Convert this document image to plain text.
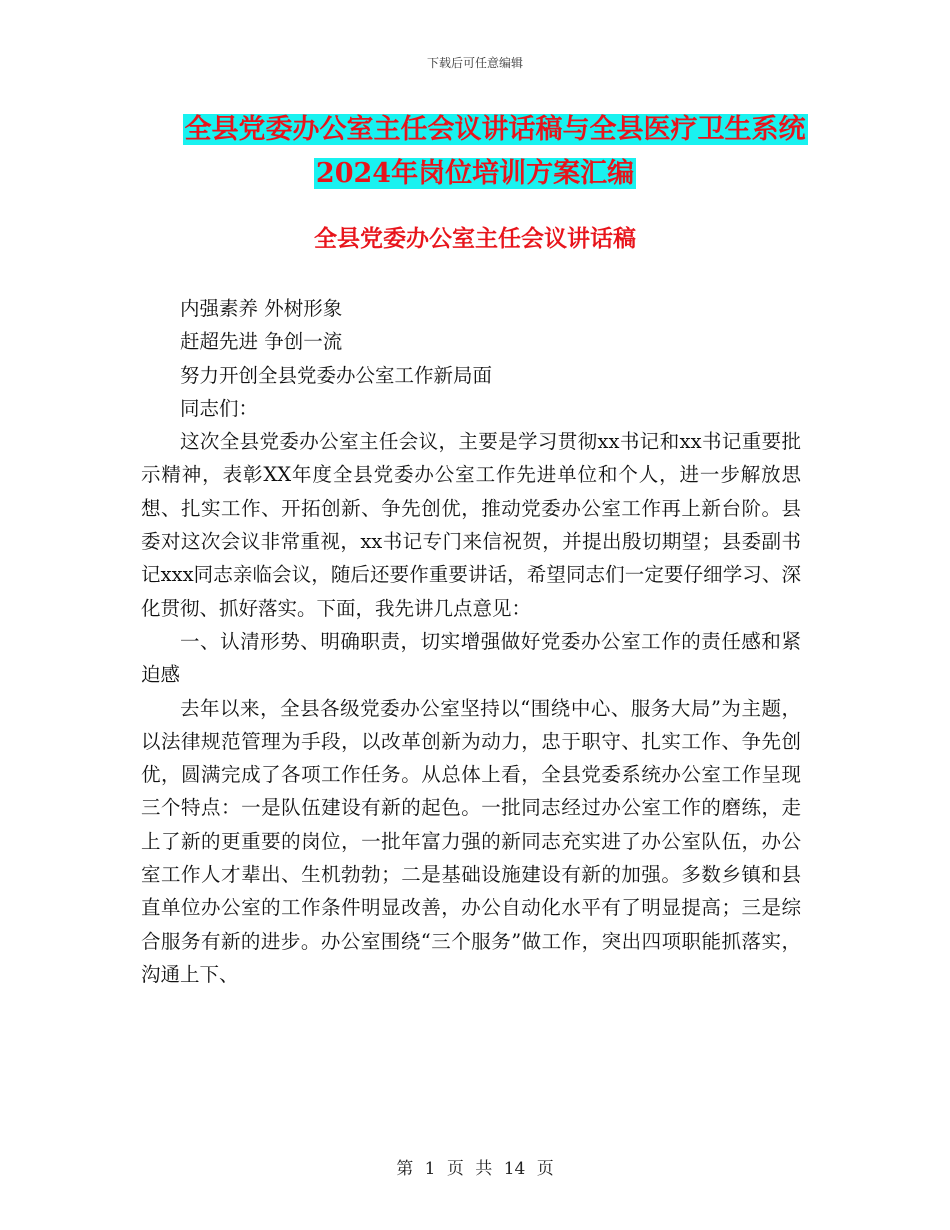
下载后可任意编辑
全县党委办公室主任会议讲话稿与全县医疗卫生系统
2024年岗位培训方案汇编
全县党委办公室主任会议讲话稿

内强素养 外树形象

赶超先进 争创一流

努力开创全县党委办公室工作新局面

同志们：

这次全县党委办公室主任会议，主要是学习贯彻xx书记和xx书记重要批示精神，表彰XX年度全县党委办公室工作先进单位和个人，进一步解放思想、扎实工作、开拓创新、争先创优，推动党委办公室工作再上新台阶。县委对这次会议非常重视，xx书记专门来信祝贺，并提出殷切期望；县委副书记xxx同志亲临会议，随后还要作重要讲话，希望同志们一定要仔细学习、深化贯彻、抓好落实。下面，我先讲几点意见：

一、认清形势、明确职责，切实增强做好党委办公室工作的责任感和紧迫感

去年以来，全县各级党委办公室坚持以“围绕中心、服务大局”为主题，以法律规范管理为手段，以改革创新为动力，忠于职守、扎实工作、争先创优，圆满完成了各项工作任务。从总体上看，全县党委系统办公室工作呈现三个特点：一是队伍建设有新的起色。一批同志经过办公室工作的磨练，走上了新的更重要的岗位，一批年富力强的新同志充实进了办公室队伍，办公室工作人才辈出、生机勃勃；二是基础设施建设有新的加强。多数乡镇和县直单位办公室的工作条件明显改善，办公自动化水平有了明显提高；三是综合服务有新的进步。办公室围绕“三个服务”做工作，突出四项职能抓落实，沟通上下、

第 1 页 共 14 页
